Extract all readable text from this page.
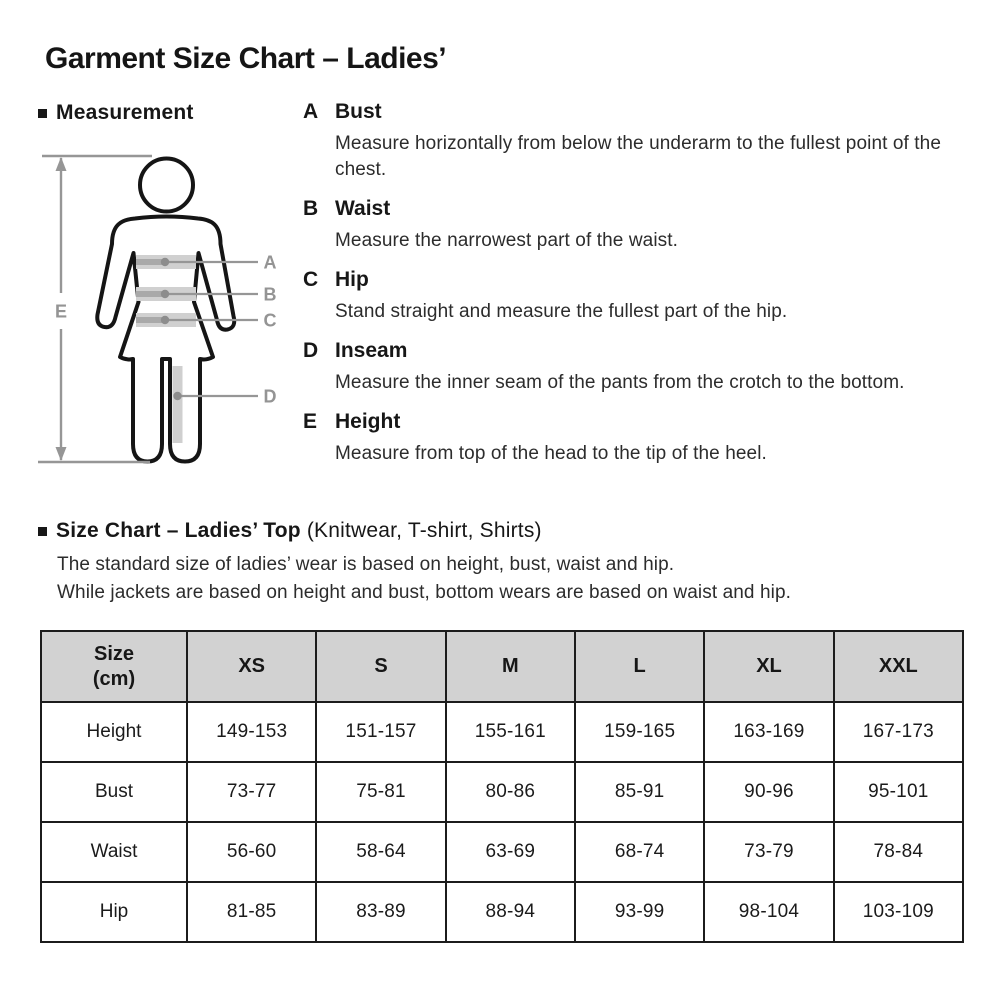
Garment Size Chart – Ladies’
Measurement
A
B
C
D
E
A Bust
Measure horizontally from below the underarm to the fullest point of the chest.
B Waist
Measure the narrowest part of the waist.
C Hip
Stand straight and measure the fullest part of the hip.
D Inseam
Measure the inner seam of the pants from the crotch to the bottom.
E Height
Measure from top of the head to the tip of the heel.
Size Chart – Ladies’ Top (Knitwear, T-shirt, Shirts)
The standard size of ladies’ wear is based on height, bust, waist and hip.
While jackets are based on height and bust, bottom wears are based on waist and hip.
Size
(cm)	XS	S	M	L	XL	XXL
Height	149-153	151-157	155-161	159-165	163-169	167-173
Bust	73-77	75-81	80-86	85-91	90-96	95-101
Waist	56-60	58-64	63-69	68-74	73-79	78-84
Hip	81-85	83-89	88-94	93-99	98-104	103-109
